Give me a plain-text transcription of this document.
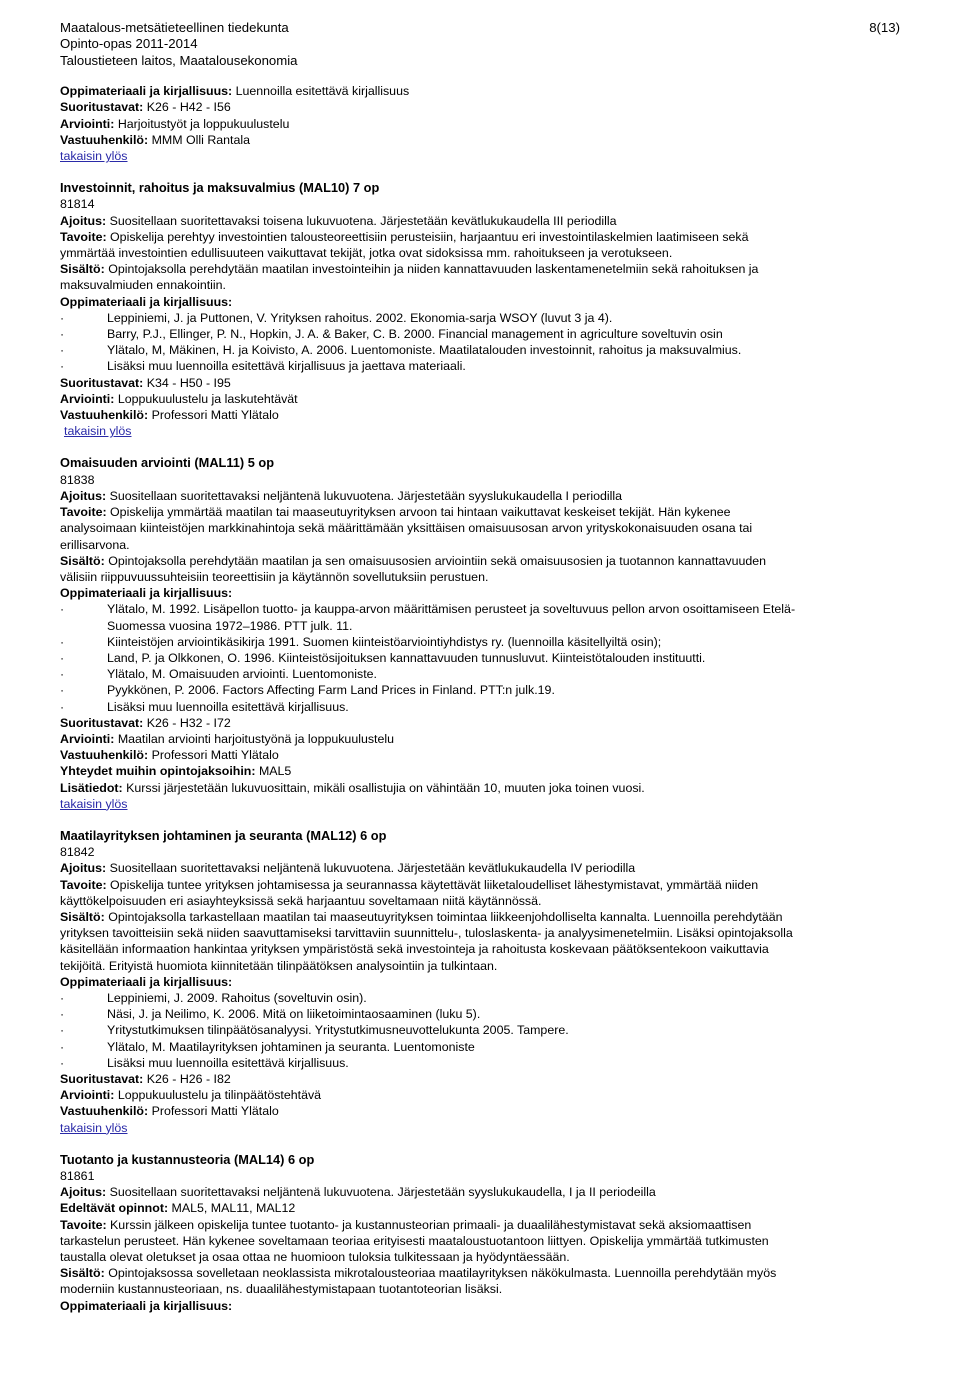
8(13)
Maatalous-metsätieteellinen tiedekunta
Opinto-opas 2011-2014
Taloustieteen laitos, Maatalousekonomia
Oppimateriaali ja kirjallisuus: Luennoilla esitettävä kirjallisuus
Suoritustavat: K26 - H42 - I56
Arviointi: Harjoitustyöt ja loppukuulustelu
Vastuuhenkilö: MMM Olli Rantala
takaisin ylös
Investoinnit, rahoitus ja maksuvalmius (MAL10) 7 op
81814
Ajoitus: Suositellaan suoritettavaksi toisena lukuvuotena. Järjestetään kevätlukukaudella III periodilla
Tavoite: Opiskelija perehtyy investointien talousteoreettisiin perusteisiin, harjaantuu eri investointilaskelmien laatimiseen sekä
ymmärtää investointien edullisuuteen vaikuttavat tekijät, jotka ovat sidoksissa mm. rahoitukseen ja verotukseen.
Sisältö: Opintojaksolla perehdytään maatilan investointeihin ja niiden kannattavuuden laskentamenetelmiin sekä rahoituksen ja
maksuvalmiuden ennakointiin.
Oppimateriaali ja kirjallisuus:
· Leppiniemi, J. ja Puttonen, V. Yrityksen rahoitus. 2002. Ekonomia-sarja WSOY (luvut 3 ja 4).
· Barry, P.J., Ellinger, P. N., Hopkin, J. A. & Baker, C. B. 2000. Financial management in agriculture soveltuvin osin
· Ylätalo, M, Mäkinen, H. ja Koivisto, A. 2006. Luentomoniste. Maatilatalouden investoinnit, rahoitus ja maksuvalmius.
· Lisäksi muu luennoilla esitettävä kirjallisuus ja jaettava materiaali.
Suoritustavat: K34 - H50 - I95
Arviointi: Loppukuulustelu ja laskutehtävät
Vastuuhenkilö: Professori Matti Ylätalo
takaisin ylös
Omaisuuden arviointi (MAL11) 5 op
81838
Ajoitus: Suositellaan suoritettavaksi neljäntenä lukuvuotena. Järjestetään syyslukukaudella I periodilla
Tavoite: Opiskelija ymmärtää maatilan tai maaseutuyrityksen arvoon tai hintaan vaikuttavat keskeiset tekijät. Hän kykenee
analysoimaan kiinteistöjen markkinahintoja sekä määrittämään yksittäisen omaisuusosan arvon yrityskokonaisuuden osana tai
erillisarvona.
Sisältö: Opintojaksolla perehdytään maatilan ja sen omaisuusosien arviointiin sekä omaisuusosien ja tuotannon kannattavuuden
välisiin riippuvuussuhteisiin teoreettisiin ja käytännön sovellutuksiin perustuen.
Oppimateriaali ja kirjallisuus:
· Ylätalo, M. 1992. Lisäpellon tuotto- ja kauppa-arvon määrittämisen perusteet ja soveltuvuus pellon arvon osoittamiseen Etelä-
Suomessa vuosina 1972–1986. PTT julk. 11.
· Kiinteistöjen arviointikäsikirja 1991. Suomen kiinteistöarviointiyhdistys ry. (luennoilla käsitellyiltä osin);
· Land, P. ja Olkkonen, O. 1996. Kiinteistösijoituksen kannattavuuden tunnusluvut. Kiinteistötalouden instituutti.
· Ylätalo, M. Omaisuuden arviointi. Luentomoniste.
· Pyykkönen, P. 2006. Factors Affecting Farm Land Prices in Finland. PTT:n julk.19.
· Lisäksi muu luennoilla esitettävä kirjallisuus.
Suoritustavat: K26 - H32 - I72
Arviointi: Maatilan arviointi harjoitustyönä ja loppukuulustelu
Vastuuhenkilö: Professori Matti Ylätalo
Yhteydet muihin opintojaksoihin: MAL5
Lisätiedot: Kurssi järjestetään lukuvuosittain, mikäli osallistujia on vähintään 10, muuten joka toinen vuosi.
takaisin ylös
Maatilayrityksen johtaminen ja seuranta (MAL12) 6 op
81842
Ajoitus: Suositellaan suoritettavaksi neljäntenä lukuvuotena. Järjestetään kevätlukukaudella IV periodilla
Tavoite: Opiskelija tuntee yrityksen johtamisessa ja seurannassa käytettävät liiketaloudelliset lähestymistavat, ymmärtää niiden
käyttökelpoisuuden eri asiayhteyksissä sekä harjaantuu soveltamaan niitä käytännössä.
Sisältö: Opintojaksolla tarkastellaan maatilan tai maaseutuyrityksen toimintaa liikkeenjohdolliselta kannalta. Luennoilla perehdytään
yrityksen tavoitteisiin sekä niiden saavuttamiseksi tarvittaviin suunnittelu-, tuloslaskenta- ja analyysimenetelmiin. Lisäksi opintojaksolla
käsitellään informaation hankintaa yrityksen ympäristöstä sekä investointeja ja rahoitusta koskevaan päätöksentekoon vaikuttavia
tekijöitä. Erityistä huomiota kiinnitetään tilinpäätöksen analysointiin ja tulkintaan.
Oppimateriaali ja kirjallisuus:
· Leppiniemi, J. 2009. Rahoitus (soveltuvin osin).
· Näsi, J. ja Neilimo, K. 2006. Mitä on liiketoimintaosaaminen (luku 5).
· Yritystutkimuksen tilinpäätösanalyysi. Yritystutkimusneuvottelukunta 2005. Tampere.
· Ylätalo, M. Maatilayrityksen johtaminen ja seuranta. Luentomoniste
· Lisäksi muu luennoilla esitettävä kirjallisuus.
Suoritustavat: K26 - H26 - I82
Arviointi: Loppukuulustelu ja tilinpäätöstehtävä
Vastuuhenkilö: Professori Matti Ylätalo
takaisin ylös
Tuotanto ja kustannusteoria (MAL14) 6 op
81861
Ajoitus: Suositellaan suoritettavaksi neljäntenä lukuvuotena. Järjestetään syyslukukaudella, I ja II periodeilla
Edeltävät opinnot: MAL5, MAL11, MAL12
Tavoite: Kurssin jälkeen opiskelija tuntee tuotanto- ja kustannusteorian primaali- ja duaalilähestymistavat sekä aksiomaattisen
tarkastelun perusteet. Hän kykenee soveltamaan teoriaa erityisesti maataloustuotantoon liittyen. Opiskelija ymmärtää tutkimusten
taustalla olevat oletukset ja osaa ottaa ne huomioon tuloksia tulkitessaan ja hyödyntäessään.
Sisältö: Opintojaksossa sovelletaan neoklassista mikrotalousteoriaa maatilayrityksen näkökulmasta. Luennoilla perehdytään myös
moderniin kustannusteoriaan, ns. duaalilähestymistapaan tuotantoteorian lisäksi.
Oppimateriaali ja kirjallisuus:
